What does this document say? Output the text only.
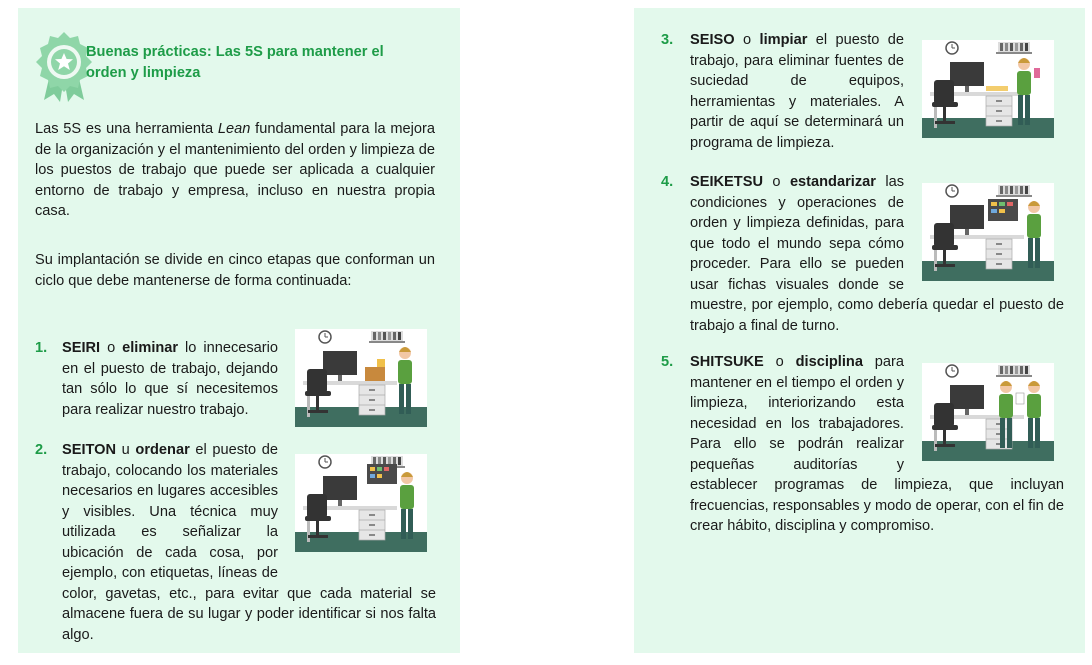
Buenas prácticas: Las 5S para mantener el orden y limpieza
Las 5S es una herramienta Lean fundamental para la mejora de la organización y el mantenimiento del orden y limpieza de los puestos de trabajo que puede ser aplicada a cualquier entorno de trabajo y empresa, incluso en nuestra propia casa.
Su implantación se divide en cinco etapas que conforman un ciclo que debe mantenerse de forma continuada:
1. SEIRI o eliminar lo innecesario en el puesto de trabajo, dejando tan sólo lo que sí necesitemos para realizar nuestro trabajo.
2. SEITON u ordenar el puesto de trabajo, colocando los materiales necesarios en lugares accesibles y visibles. Una técnica muy utilizada es señalizar la ubicación de cada cosa, por ejemplo, con etiquetas, líneas de color, gavetas, etc., para evitar que cada material se almacene fuera de su lugar y poder identificar si nos falta algo.
3. SEISO o limpiar el puesto de trabajo, para eliminar fuentes de suciedad de equipos, herramientas y materiales. A partir de aquí se determinará un programa de limpieza.
4. SEIKETSU o estandarizar las condiciones y operaciones de orden y limpieza definidas, para que todo el mundo sepa cómo proceder. Para ello se pueden usar fichas visuales donde se muestre, por ejemplo, como debería quedar el puesto de trabajo a final de turno.
5. SHITSUKE o disciplina para mantener en el tiempo el orden y limpieza, interiorizando esta necesidad en los trabajadores. Para ello se podrán realizar pequeñas auditorías y establecer programas de limpieza, que incluyan frecuencias, responsables y modo de operar, con el fin de crear hábito, disciplina y compromiso.
